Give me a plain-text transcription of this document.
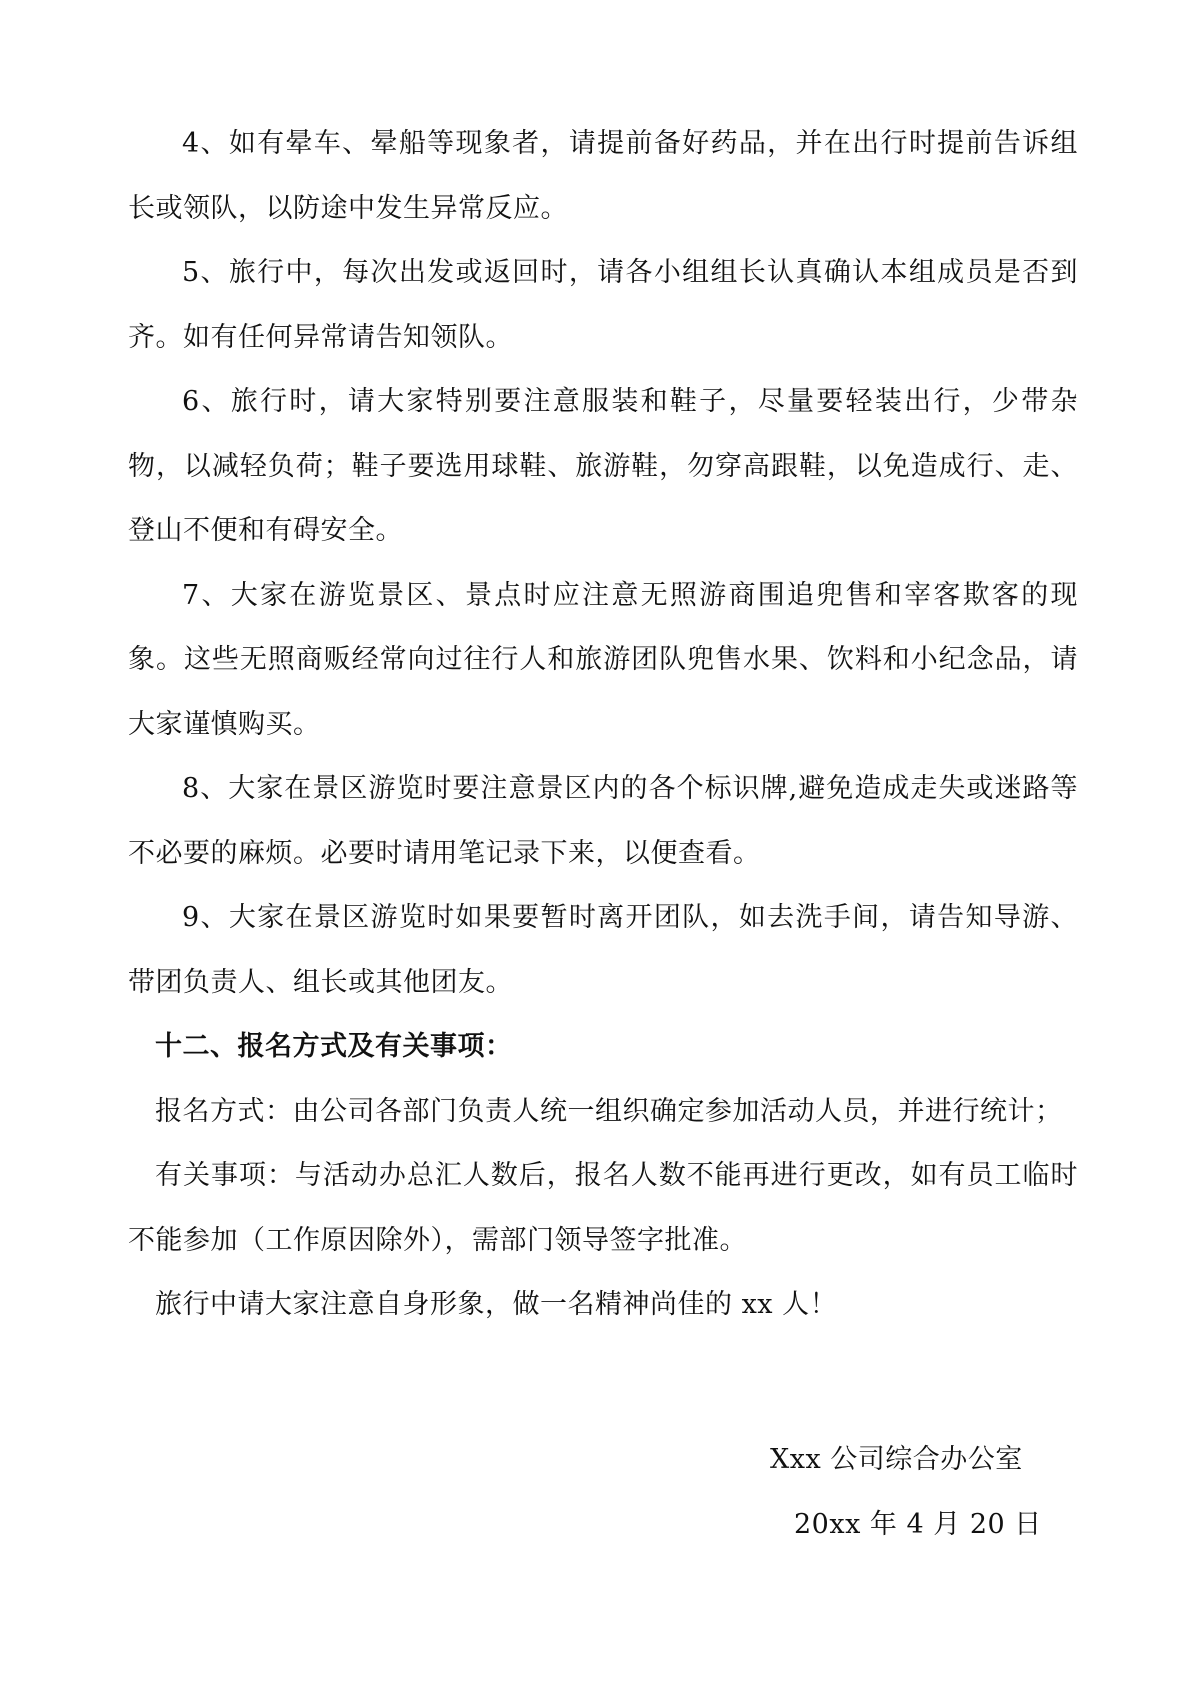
4、如有晕车、晕船等现象者，请提前备好药品，并在出行时提前告诉组长或领队，以防途中发生异常反应。

5、旅行中，每次出发或返回时，请各小组组长认真确认本组成员是否到齐。如有任何异常请告知领队。

6、旅行时，请大家特别要注意服装和鞋子，尽量要轻装出行，少带杂物，以减轻负荷；鞋子要选用球鞋、旅游鞋，勿穿高跟鞋，以免造成行、走、登山不便和有碍安全。

7、大家在游览景区、景点时应注意无照游商围追兜售和宰客欺客的现象。这些无照商贩经常向过往行人和旅游团队兜售水果、饮料和小纪念品，请大家谨慎购买。

8、大家在景区游览时要注意景区内的各个标识牌,避免造成走失或迷路等不必要的麻烦。必要时请用笔记录下来，以便查看。

9、大家在景区游览时如果要暂时离开团队，如去洗手间，请告知导游、带团负责人、组长或其他团友。

十二、报名方式及有关事项：

报名方式：由公司各部门负责人统一组织确定参加活动人员，并进行统计；

有关事项：与活动办总汇人数后，报名人数不能再进行更改，如有员工临时不能参加（工作原因除外），需部门领导签字批准。

旅行中请大家注意自身形象，做一名精神尚佳的 xx 人！

Xxx 公司综合办公室

20xx 年 4 月 20 日
